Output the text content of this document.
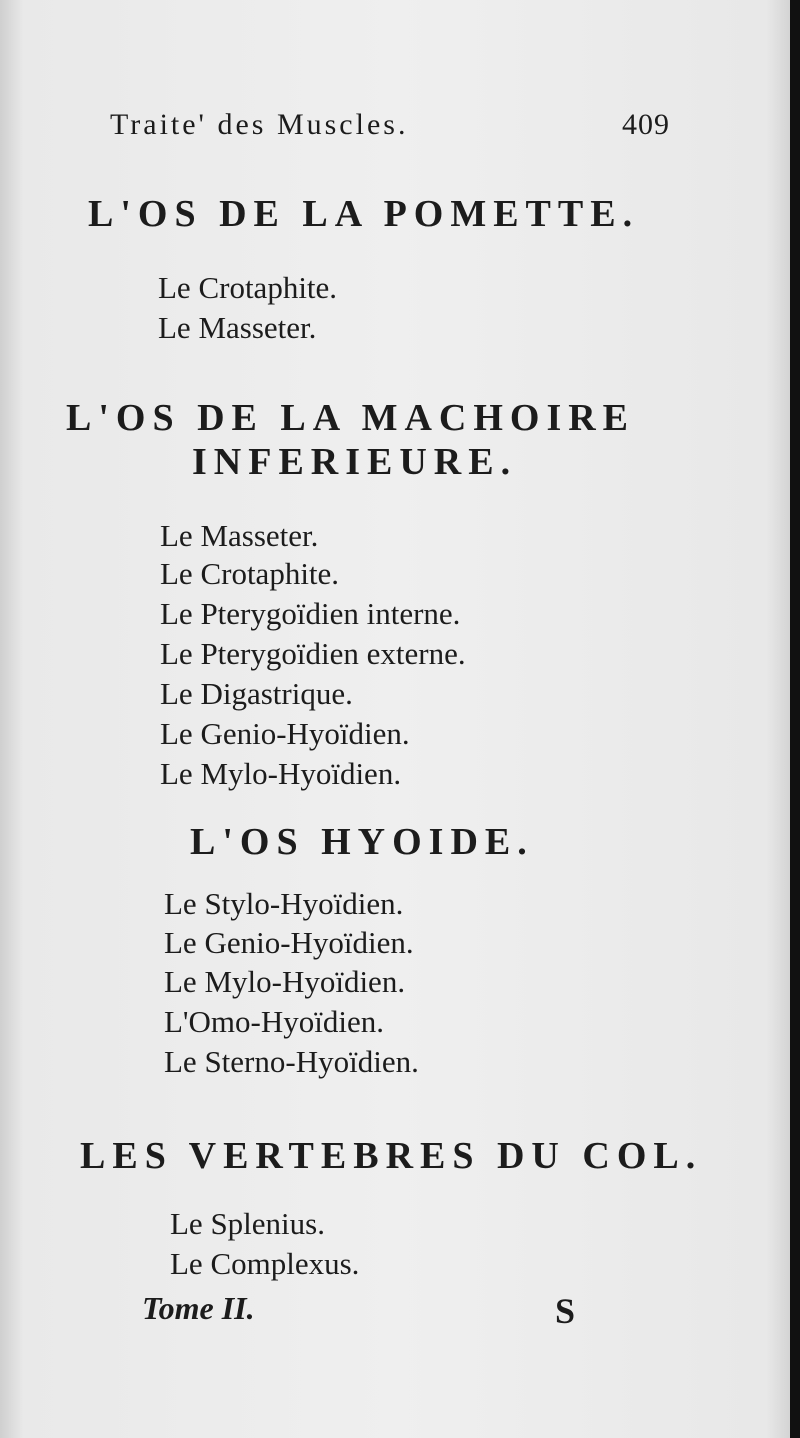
Traite' des Muscles.	409
L'OS DE LA POMETTE.
Le Crotaphite.
Le Masseter.
L'OS DE LA MACHOIRE
INFERIEURE.
Le Masseter.
Le Crotaphite.
Le Pterygoïdien interne.
Le Pterygoïdien externe.
Le Digastrique.
Le Genio-Hyoïdien.
Le Mylo-Hyoïdien.
L'OS HYOIDE.
Le Stylo-Hyoïdien.
Le Genio-Hyoïdien.
Le Mylo-Hyoïdien.
L'Omo-Hyoïdien.
Le Sterno-Hyoïdien.
LES VERTEBRES DU COL.
Le Splenius.
Le Complexus.
Tome II.	S
